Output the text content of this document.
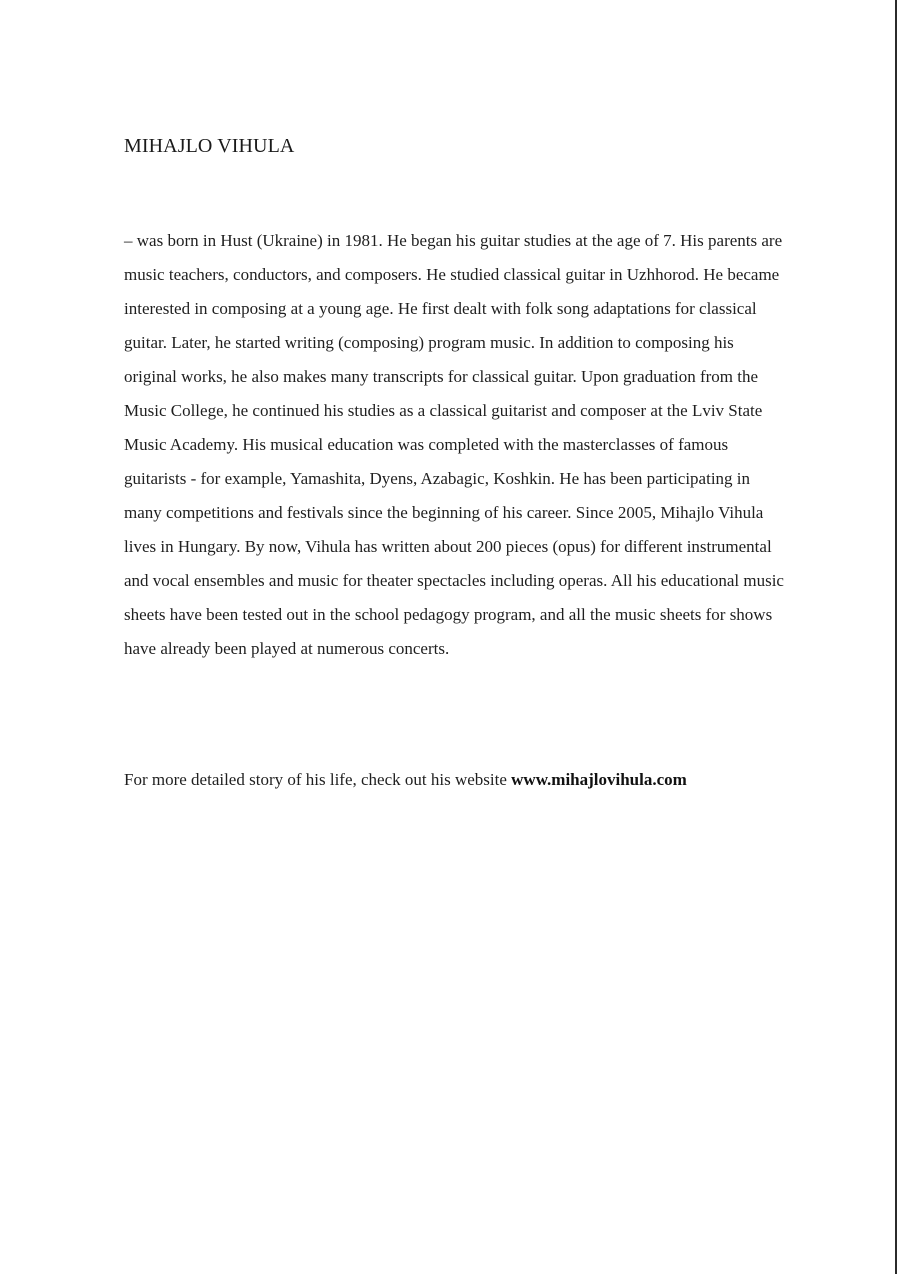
MIHAJLO VIHULA

– was born in Hust (Ukraine) in 1981. He began his guitar studies at the age of 7. His parents are music teachers, conductors, and composers. He studied classical guitar in Uzhhorod. He became interested in composing at a young age. He first dealt with folk song adaptations for classical guitar. Later, he started writing (composing) program music. In addition to composing his original works, he also makes many transcripts for classical guitar. Upon graduation from the Music College, he continued his studies as a classical guitarist and composer at the Lviv State Music Academy. His musical education was completed with the masterclasses of famous guitarists - for example, Yamashita, Dyens, Azabagic, Koshkin. He has been participating in many competitions and festivals since the beginning of his career. Since 2005, Mihajlo Vihula lives in Hungary. By now, Vihula has written about 200 pieces (opus) for different instrumental and vocal ensembles and music for theater spectacles including operas. All his educational music sheets have been tested out in the school pedagogy program, and all the music sheets for shows have already been played at numerous concerts.

For more detailed story of his life, check out his website www.mihajlovihula.com
